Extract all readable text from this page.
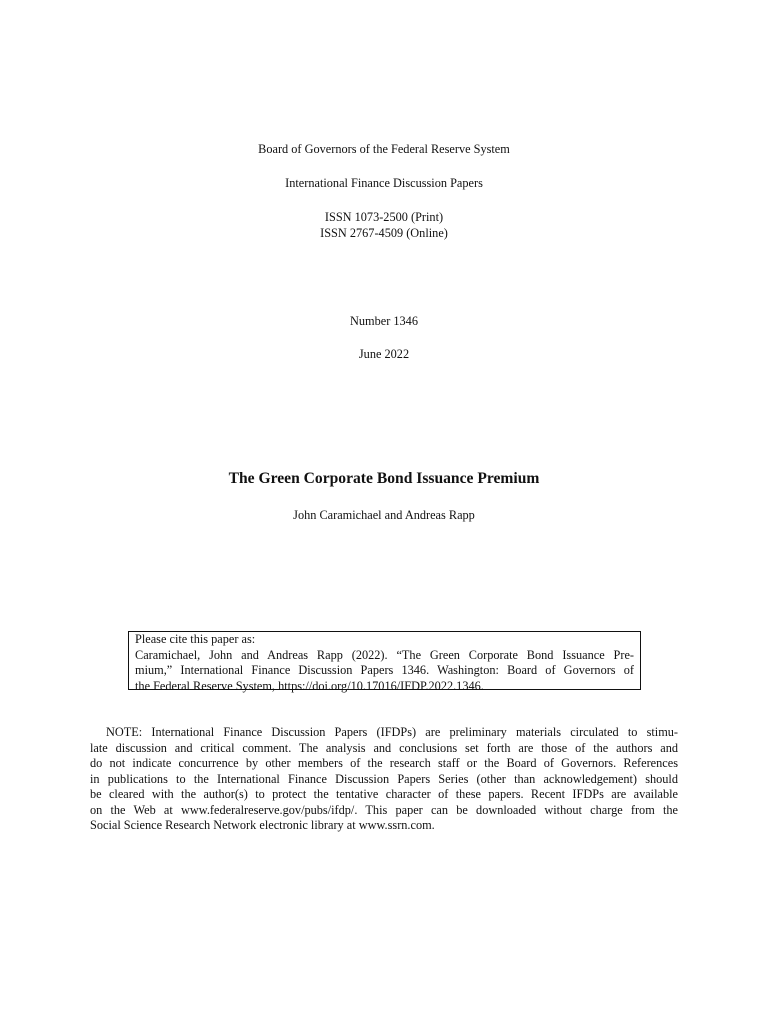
Board of Governors of the Federal Reserve System
International Finance Discussion Papers
ISSN 1073-2500 (Print)
ISSN 2767-4509 (Online)
Number 1346
June 2022
The Green Corporate Bond Issuance Premium
John Caramichael and Andreas Rapp
Please cite this paper as:
Caramichael, John and Andreas Rapp (2022). “The Green Corporate Bond Issuance Pre-
mium,” International Finance Discussion Papers 1346. Washington: Board of Governors of
the Federal Reserve System, https://doi.org/10.17016/IFDP.2022.1346.
NOTE: International Finance Discussion Papers (IFDPs) are preliminary materials circulated to stimu-
late discussion and critical comment. The analysis and conclusions set forth are those of the authors and
do not indicate concurrence by other members of the research staff or the Board of Governors. References
in publications to the International Finance Discussion Papers Series (other than acknowledgement) should
be cleared with the author(s) to protect the tentative character of these papers. Recent IFDPs are available
on the Web at www.federalreserve.gov/pubs/ifdp/. This paper can be downloaded without charge from the
Social Science Research Network electronic library at www.ssrn.com.
